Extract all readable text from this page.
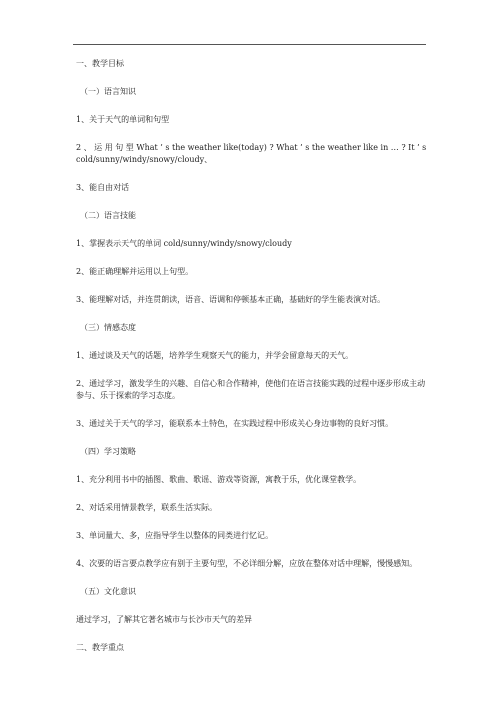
一、教学目标

（一）语言知识

1、关于天气的单词和句型

2 、 运 用 句 型 What ’ s the weather like(today) ? What ’ s the weather like in … ? It ’ s cold/sunny/windy/snowy/cloudy、

3、能自由对话

（二）语言技能

1、掌握表示天气的单词 cold/sunny/windy/snowy/cloudy

2、能正确理解并运用以上句型。

3、能理解对话，并连贯朗读，语音、语调和停顿基本正确，基础好的学生能表演对话。

（三）情感态度

1、通过谈及天气的话题，培养学生观察天气的能力，并学会留意每天的天气。

2、通过学习，激发学生的兴趣、自信心和合作精神，使他们在语言技能实践的过程中逐步形成主动参与、乐于探索的学习态度。

3、通过关于天气的学习，能联系本土特色，在实践过程中形成关心身边事物的良好习惯。

（四）学习策略

1、充分利用书中的插图、歌曲、歌谣、游戏等资源，寓教于乐，优化课堂教学。

2、对话采用情景教学，联系生活实际。

3、单词量大、多，应指导学生以整体的同类进行忆记。

4、次要的语言要点教学应有别于主要句型，不必详细分解，应放在整体对话中理解，慢慢感知。

（五）文化意识

通过学习，了解其它著名城市与长沙市天气的差异

二、教学重点
